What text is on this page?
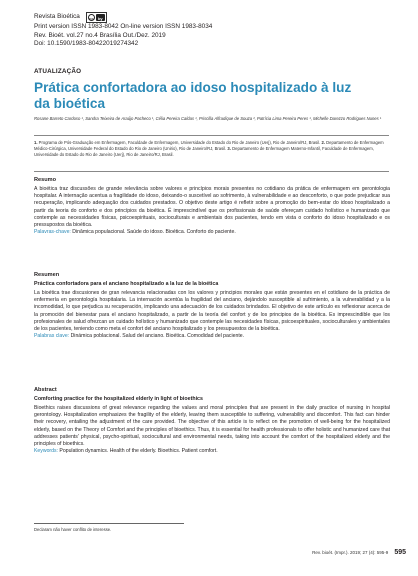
Revista Bioética	cc	by
Print version ISSN 1983-8042 On-line version ISSN 1983-8034
Rev. Bioét. vol.27 no.4 Brasília Out./Dez. 2019
Doi: 10.1590/1983-80422019274342
ATUALIZAÇÃO
Prática confortadora ao idoso hospitalizado à luz da bioética
Rosane Barreto Cardoso ¹, Sandra Teixeira de Araújo Pacheco ¹, Célia Pereira Caldas ¹, Priscilla Alfradique de Souza ², Patrícia Lima Pereira Peres ¹, Michelle Darezzo Rodrigues Nunes ¹
1. Programa de Pós-Graduação em Enfermagem, Faculdade de Enfermagem, Universidade do Estado do Rio de Janeiro (Uerj), Rio de Janeiro/RJ, Brasil. 2. Departamento de Enfermagem Médico-Cirúrgica, Universidade Federal do Estado do Rio de Janeiro (Unirio), Rio de Janeiro/RJ, Brasil. 3. Departamento de Enfermagem Materno-Infantil, Faculdade de Enfermagem, Universidade do Estado do Rio de Janeiro (Uerj), Rio de Janeiro/RJ, Brasil.
Resumo

A bioética traz discussões de grande relevância sobre valores e princípios morais presentes no cotidiano da prática de enfermagem em gerontologia hospitalar. A internação acentua a fragilidade do idoso, deixando-o suscetível ao sofrimento, à vulnerabilidade e ao desconforto, o que pode prejudicar sua recuperação, implicando adequação dos cuidados prestados. O objetivo deste artigo é refletir sobre a promoção do bem-estar do idoso hospitalizado a partir da teoria do conforto e dos princípios da bioética. É imprescindível que os profissionais de saúde ofereçam cuidado holístico e humanizado que contemple as necessidades físicas, psicoespirituais, socioculturais e ambientais dos pacientes, tendo em vista o conforto do idoso hospitalizado e os pressupostos da bioética.

Palavras-chave: Dinâmica populacional. Saúde do idoso. Bioética. Conforto do paciente.
Resumen
Práctica confortadora para el anciano hospitalizado a la luz de la bioética

La bioética trae discusiones de gran relevancia relacionadas con los valores y principios morales que están presentes en el cotidiano de la práctica de enfermería en gerontología hospitalaria. La internación acentúa la fragilidad del anciano, dejándolo susceptible al sufrimiento, a la vulnerabilidad y a la incomodidad, lo que perjudica su recuperación, implicando una adecuación de los cuidados brindados. El objetivo de este artículo es reflexionar acerca de la promoción del bienestar para el anciano hospitalizado, a partir de la teoría del confort y de los principios de la bioética. Es imprescindible que los profesionales de salud ofrezcan un cuidado holístico y humanizado que contemple las necesidades físicas, psicoespirituales, socioculturales y ambientales de los pacientes, teniendo como meta el confort del anciano hospitalizado y los presupuestos de la bioética.

Palabras clave: Dinámica poblacional. Salud del anciano. Bioética. Comodidad del paciente.
Abstract
Comforting practice for the hospitalized elderly in light of bioethics

Bioethics raises discussions of great relevance regarding the values and moral principles that are present in the daily practice of nursing in hospital gerontology. Hospitalization emphasizes the fragility of the elderly, leaving them susceptible to suffering, vulnerability and discomfort. This fact can hinder their recovery, entailing the adjustment of the care provided. The objective of this article is to reflect on the promotion of well-being for the hospitalized elderly, based on the Theory of Comfort and the principles of bioethics. Thus, it is essential for health professionals to offer holistic and humanized care that addresses patients' physical, psycho-spiritual, sociocultural and environmental needs, taking into account the comfort of the hospitalized elderly and the principles of bioethics.

Keywords: Population dynamics. Health of the elderly. Bioethics. Patient comfort.
Declaram não haver conflito de interesse.
Rev. bioét. (Impr.). 2019; 27 (4): 595-9 595
